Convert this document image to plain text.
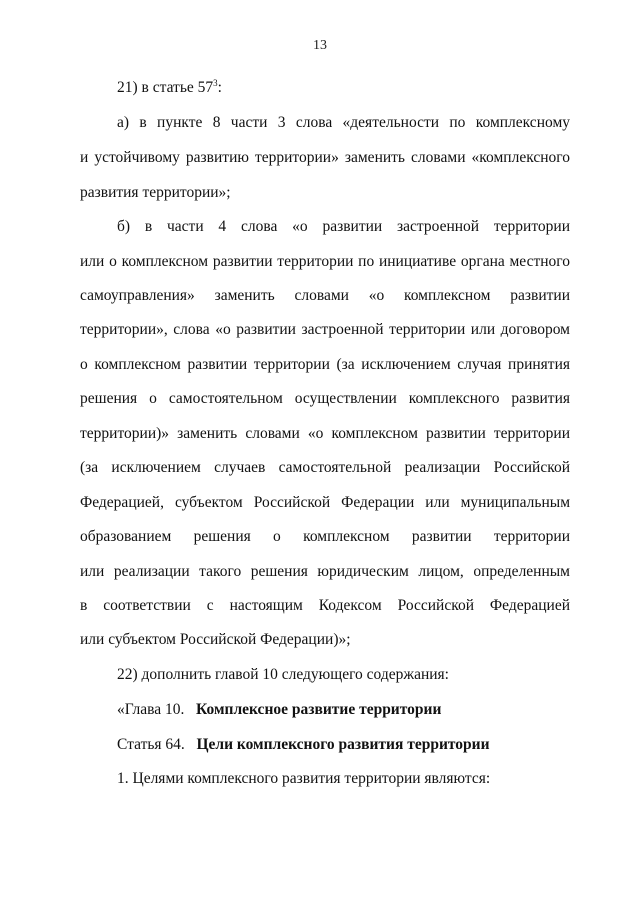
13
21) в статье $57^3$:
а) в пункте 8 части 3 слова «деятельности по комплексному
и устойчивому развитию территории» заменить словами «комплексного
развития территории»;
б) в части 4 слова «о развитии застроенной территории
или о комплексном развитии территории по инициативе органа местного
самоуправления» заменить словами «о комплексном развитии
территории», слова «о развитии застроенной территории или договором
о комплексном развитии территории (за исключением случая принятия
решения о самостоятельном осуществлении комплексного развития
территории)» заменить словами «о комплексном развитии территории
(за исключением случаев самостоятельной реализации Российской
Федерацией, субъектом Российской Федерации или муниципальным
образованием решения о комплексном развитии территории
или реализации такого решения юридическим лицом, определенным
в соответствии с настоящим Кодексом Российской Федерацией
или субъектом Российской Федерации)»;
22) дополнить главой 10 следующего содержания:
«Глава 10. Комплексное развитие территории
Статья 64. Цели комплексного развития территории
1. Целями комплексного развития территории являются:
